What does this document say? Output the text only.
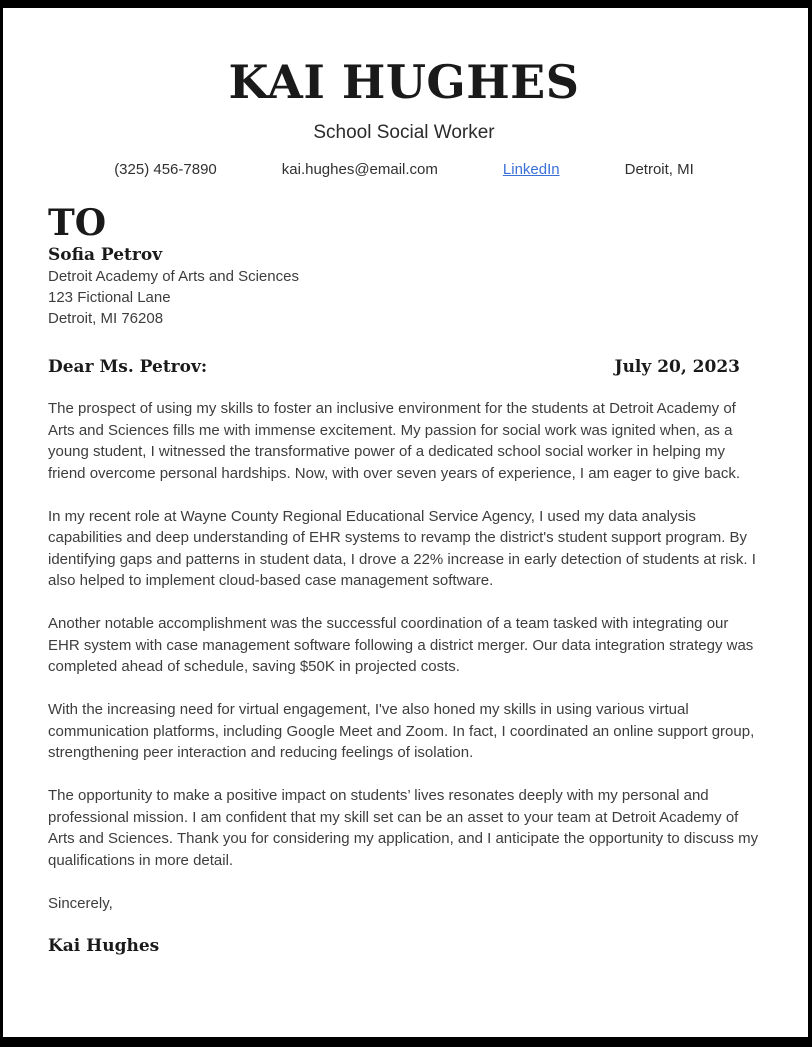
KAI HUGHES
School Social Worker
(325) 456-7890	kai.hughes@email.com	LinkedIn	Detroit, MI
TO
Sofia Petrov
Detroit Academy of Arts and Sciences
123 Fictional Lane
Detroit, MI 76208
Dear Ms. Petrov:	July 20, 2023

The prospect of using my skills to foster an inclusive environment for the students at Detroit Academy of Arts and Sciences fills me with immense excitement. My passion for social work was ignited when, as a young student, I witnessed the transformative power of a dedicated school social worker in helping my friend overcome personal hardships. Now, with over seven years of experience, I am eager to give back.

In my recent role at Wayne County Regional Educational Service Agency, I used my data analysis capabilities and deep understanding of EHR systems to revamp the district's student support program. By identifying gaps and patterns in student data, I drove a 22% increase in early detection of students at risk. I also helped to implement cloud-based case management software.

Another notable accomplishment was the successful coordination of a team tasked with integrating our EHR system with case management software following a district merger. Our data integration strategy was completed ahead of schedule, saving $50K in projected costs.

With the increasing need for virtual engagement, I've also honed my skills in using various virtual communication platforms, including Google Meet and Zoom. In fact, I coordinated an online support group, strengthening peer interaction and reducing feelings of isolation.

The opportunity to make a positive impact on students’ lives resonates deeply with my personal and professional mission. I am confident that my skill set can be an asset to your team at Detroit Academy of Arts and Sciences. Thank you for considering my application, and I anticipate the opportunity to discuss my qualifications in more detail.

Sincerely,
Kai Hughes
